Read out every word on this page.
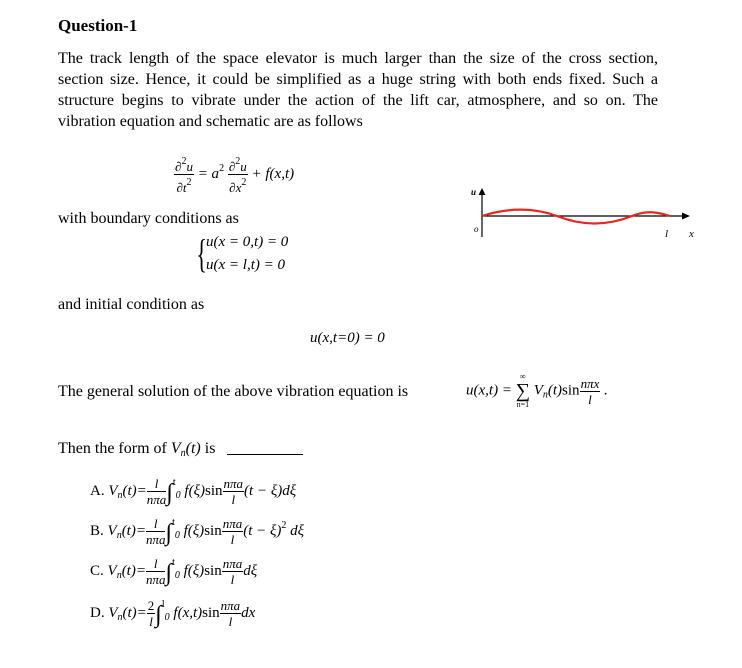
Question-1
The track length of the space elevator is much larger than the size of the cross section, section size. Hence, it could be simplified as a huge string with both ends fixed. Such a structure begins to vibrate under the action of the lift car, atmosphere, and so on. The vibration equation and schematic are as follows
$\frac{\partial^2u}{\partial t^2} = a^2 \frac{\partial^2u}{\partial x^2} + f(x,t)$
with boundary conditions as
{ u(x = 0,t) = 0
u(x = l,t) = 0
and initial condition as
u(x,t=0) = 0
The general solution of the above vibration equation is	u(x,t) =
∞
∑
n=1
$V_n(t)\sin \frac{\text{nπx}}{l}$ .
Then the form of $V_n(t)$ is
A. $V_n(t)= \frac{l}{\text{nπa}} \int^t_0$ $f(\xi)\sin \frac{\text{nπa}}{l} (t - \xi)d\xi$
B. $V_n(t)= \frac{l}{\text{nπa}} \int^t_0$ $f(\xi)\sin \frac{\text{nπa}}{l} (t - \xi)^2$ dξ
C. $V_n(t)= \frac{l}{\text{nπa}} \int^t_0$ $f(\xi)\sin \frac{\text{nπa}}{l}$ dξ
D. $V_n(t)= \frac{2}{l} \int^l_0$ $f(x,t)\sin \frac{\text{nπa}}{l}$ dx
u
o	l x
